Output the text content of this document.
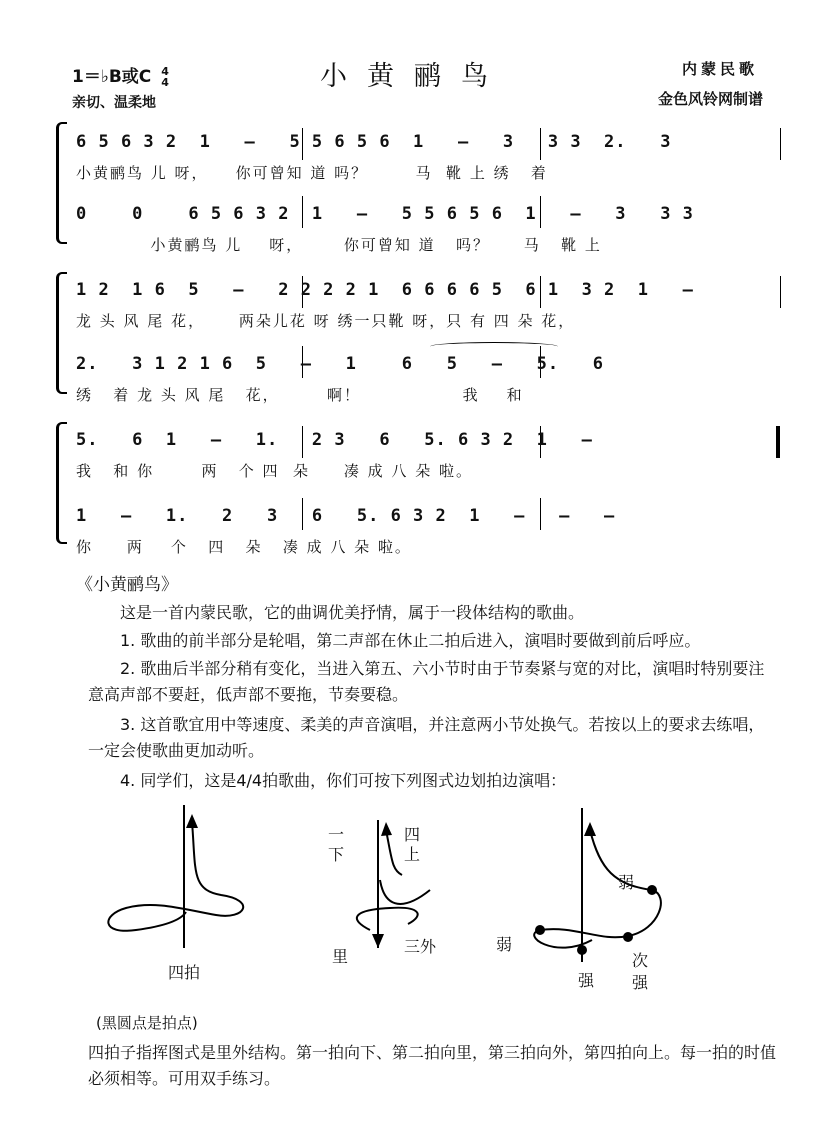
1＝♭B或C 4
4
亲切、温柔地
小黄鹂鸟	内蒙民歌
金色风铃网制谱
6 5 6 3 2  1   –   5 5 6 5 6  1   –   3   3 3  2.   3
小黄鹂鸟 儿 呀，    你可曾知 道 吗？       马  靴 上 绣   着
0    0    6 5 6 3 2  1   –   5 5 6 5 6  1   –   3   3 3
小黄鹂鸟 儿    呀，      你可曾知 道   吗？     马   靴 上
1 2  1 6  5   –   2 2 2 2 1  6 6 6 6 5  6 1  3 2  1   –
龙 头 风 尾 花，     两朵儿花 呀 绣一只靴 呀，只 有 四 朵 花，
2.   3 1 2 1 6  5   –   1    6   5   –   5.   6
绣   着 龙 头 风 尾   花，       啊！               我    和
5.   6  1   –   1.   2 3   6   5. 6 3 2  1   –
我   和 你       两   个 四  朵     凑 成 八 朵 啦。
1   –   1.   2   3   6   5. 6 3 2  1   –   –   –
你     两    个   四   朵   凑 成 八 朵 啦。
《小黄鹂鸟》
这是一首内蒙民歌，它的曲调优美抒情，属于一段体结构的歌曲。
1. 歌曲的前半部分是轮唱，第二声部在休止二拍后进入，演唱时要做到前后呼应。
2. 歌曲后半部分稍有变化，当进入第五、六小节时由于节奏紧与宽的对比，演唱时特别要注意高声部不要赶，低声部不要拖，节奏要稳。
3. 这首歌宜用中等速度、柔美的声音演唱，并注意两小节处换气。若按以上的要求去练唱，一定会使歌曲更加动听。
4. 同学们，这是4/4拍歌曲，你们可按下列图式边划拍边演唱：
四拍
一
下
四
上
里
三外
弱
弱
强
次
强
(黑圆点是拍点)
四拍子指挥图式是里外结构。第一拍向下、第二拍向里，第三拍向外，第四拍向上。每一拍的时值必须相等。可用双手练习。
